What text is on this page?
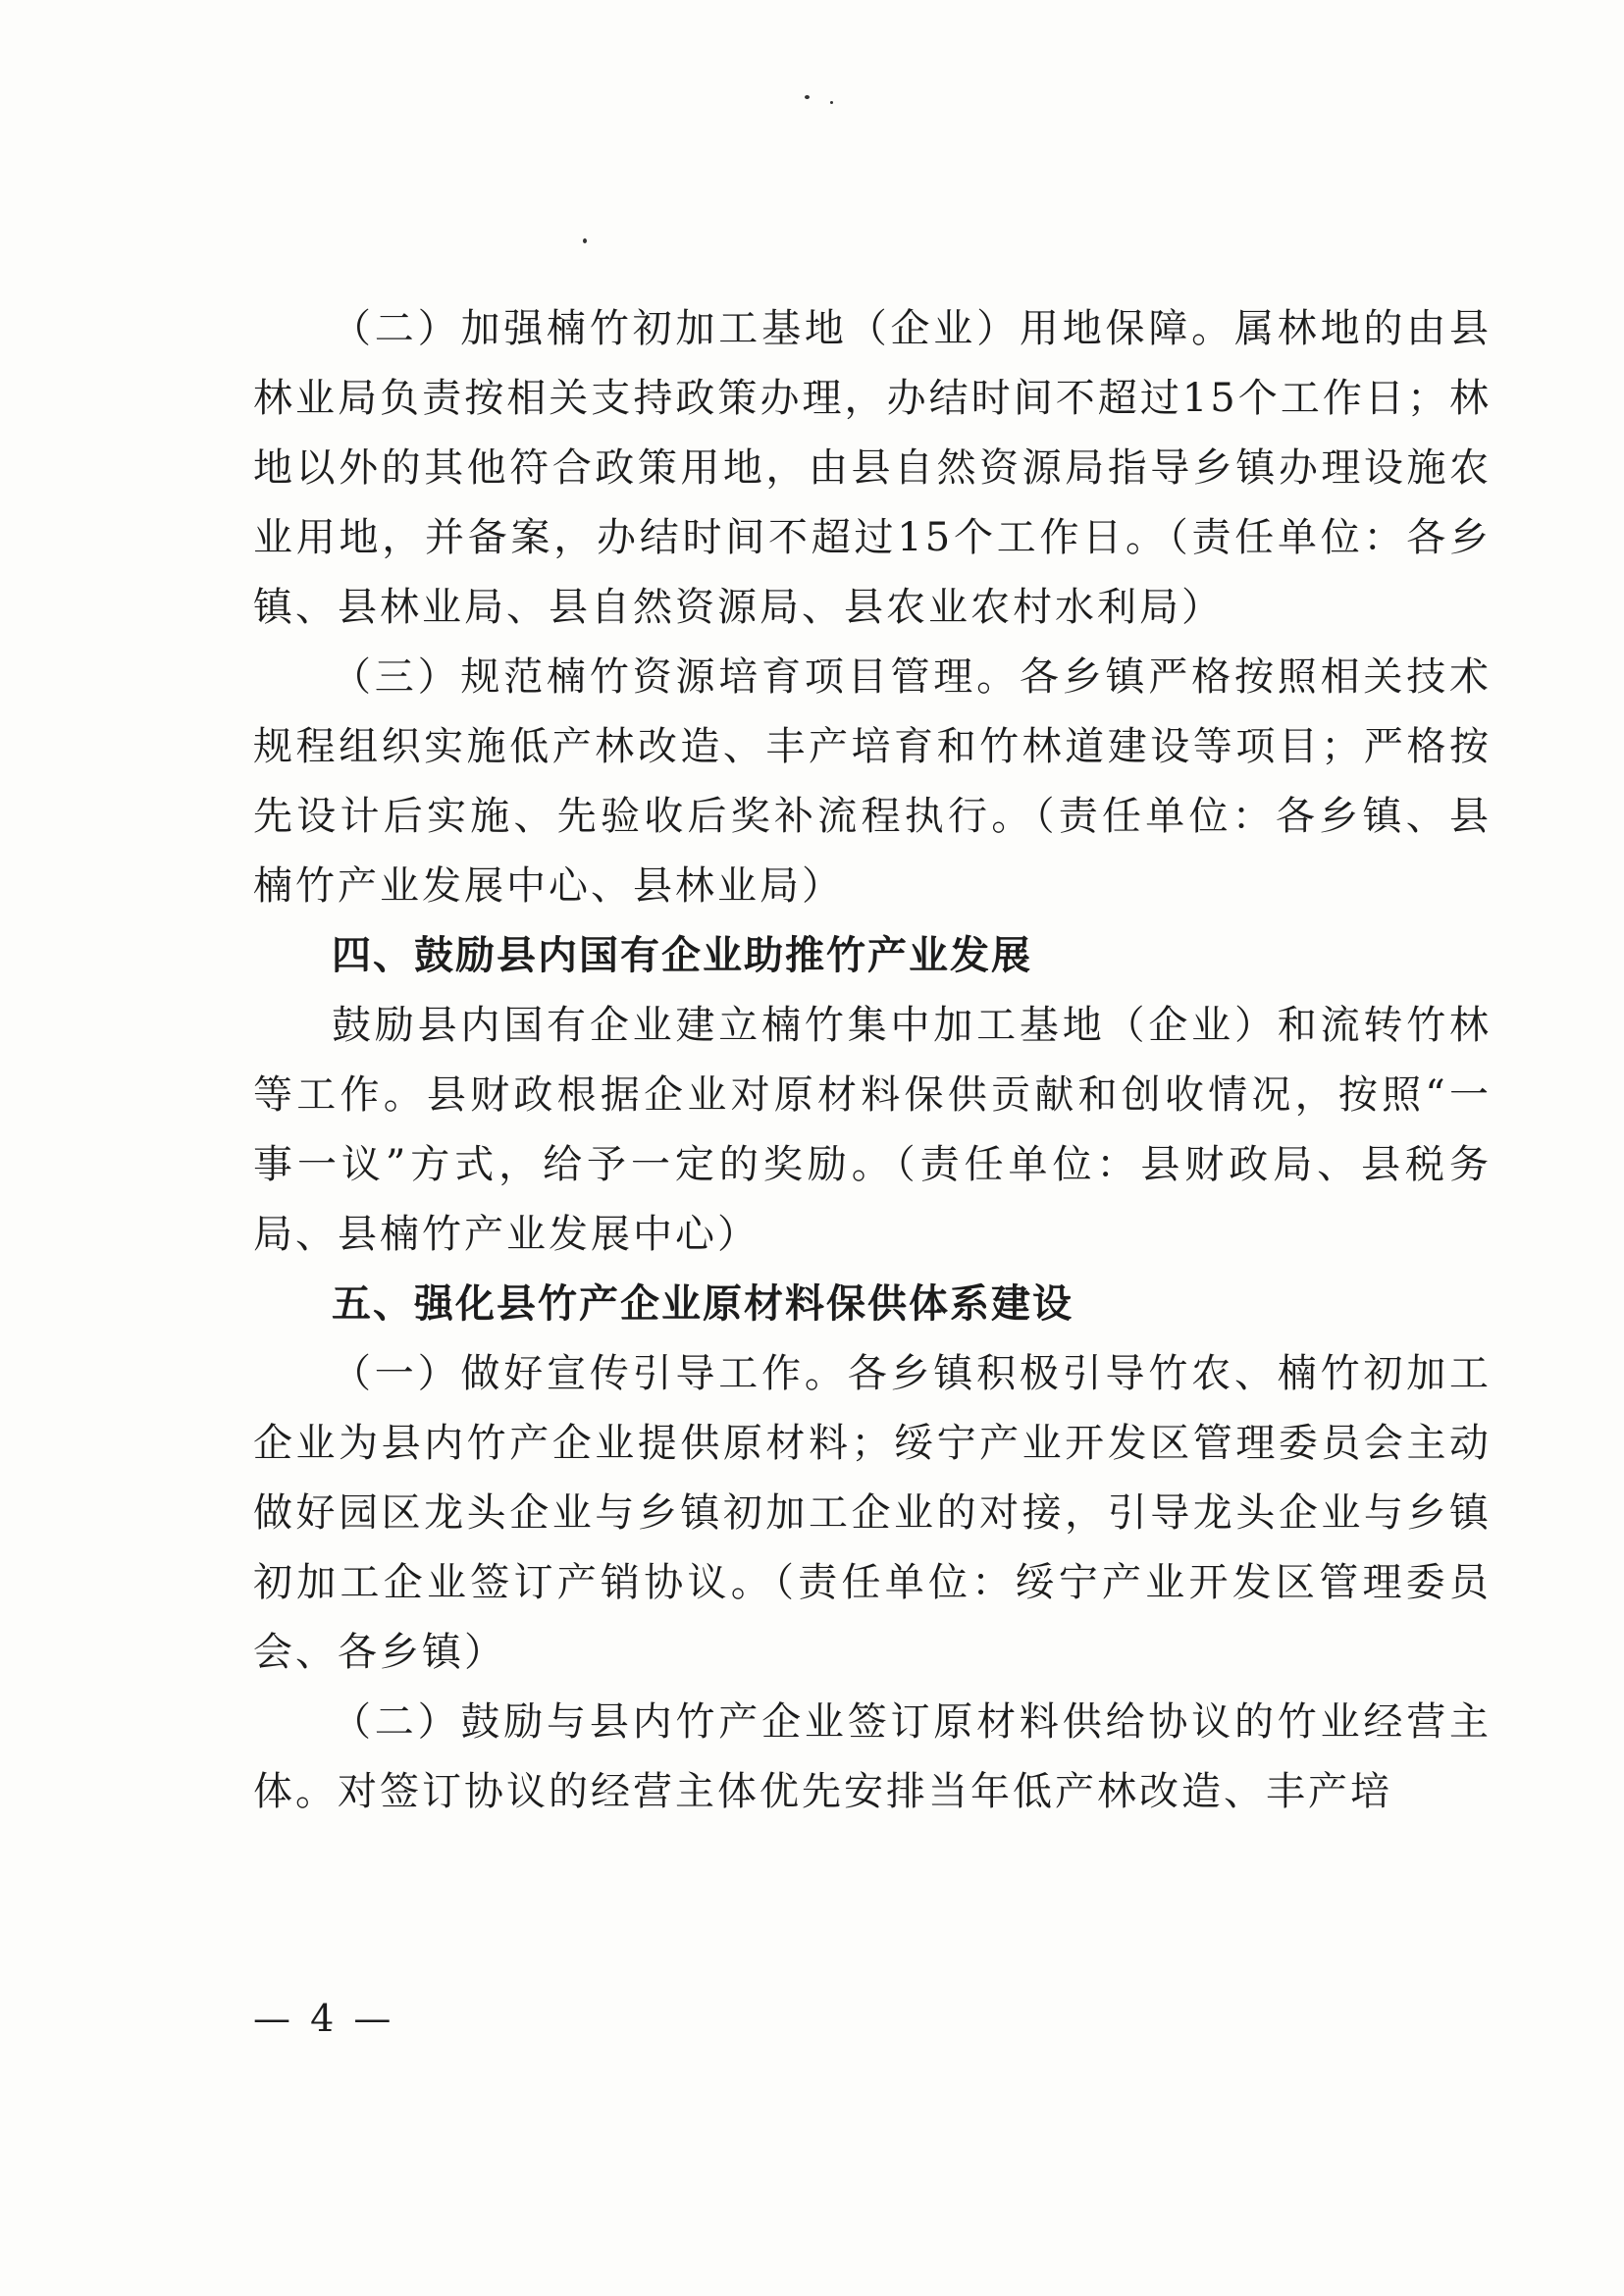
（二）加强楠竹初加工基地（企业）用地保障。属林地的由县林业局负责按相关支持政策办理，办结时间不超过15个工作日；林地以外的其他符合政策用地，由县自然资源局指导乡镇办理设施农业用地，并备案，办结时间不超过15个工作日。（责任单位：各乡镇、县林业局、县自然资源局、县农业农村水利局）

（三）规范楠竹资源培育项目管理。各乡镇严格按照相关技术规程组织实施低产林改造、丰产培育和竹林道建设等项目；严格按先设计后实施、先验收后奖补流程执行。（责任单位：各乡镇、县楠竹产业发展中心、县林业局）

四、鼓励县内国有企业助推竹产业发展

鼓励县内国有企业建立楠竹集中加工基地（企业）和流转竹林等工作。县财政根据企业对原材料保供贡献和创收情况，按照“一事一议”方式，给予一定的奖励。（责任单位：县财政局、县税务局、县楠竹产业发展中心）

五、强化县竹产企业原材料保供体系建设

（一）做好宣传引导工作。各乡镇积极引导竹农、楠竹初加工企业为县内竹产企业提供原材料；绥宁产业开发区管理委员会主动做好园区龙头企业与乡镇初加工企业的对接，引导龙头企业与乡镇初加工企业签订产销协议。（责任单位：绥宁产业开发区管理委员会、各乡镇）

（二）鼓励与县内竹产企业签订原材料供给协议的竹业经营主体。对签订协议的经营主体优先安排当年低产林改造、丰产培

— 4 —
